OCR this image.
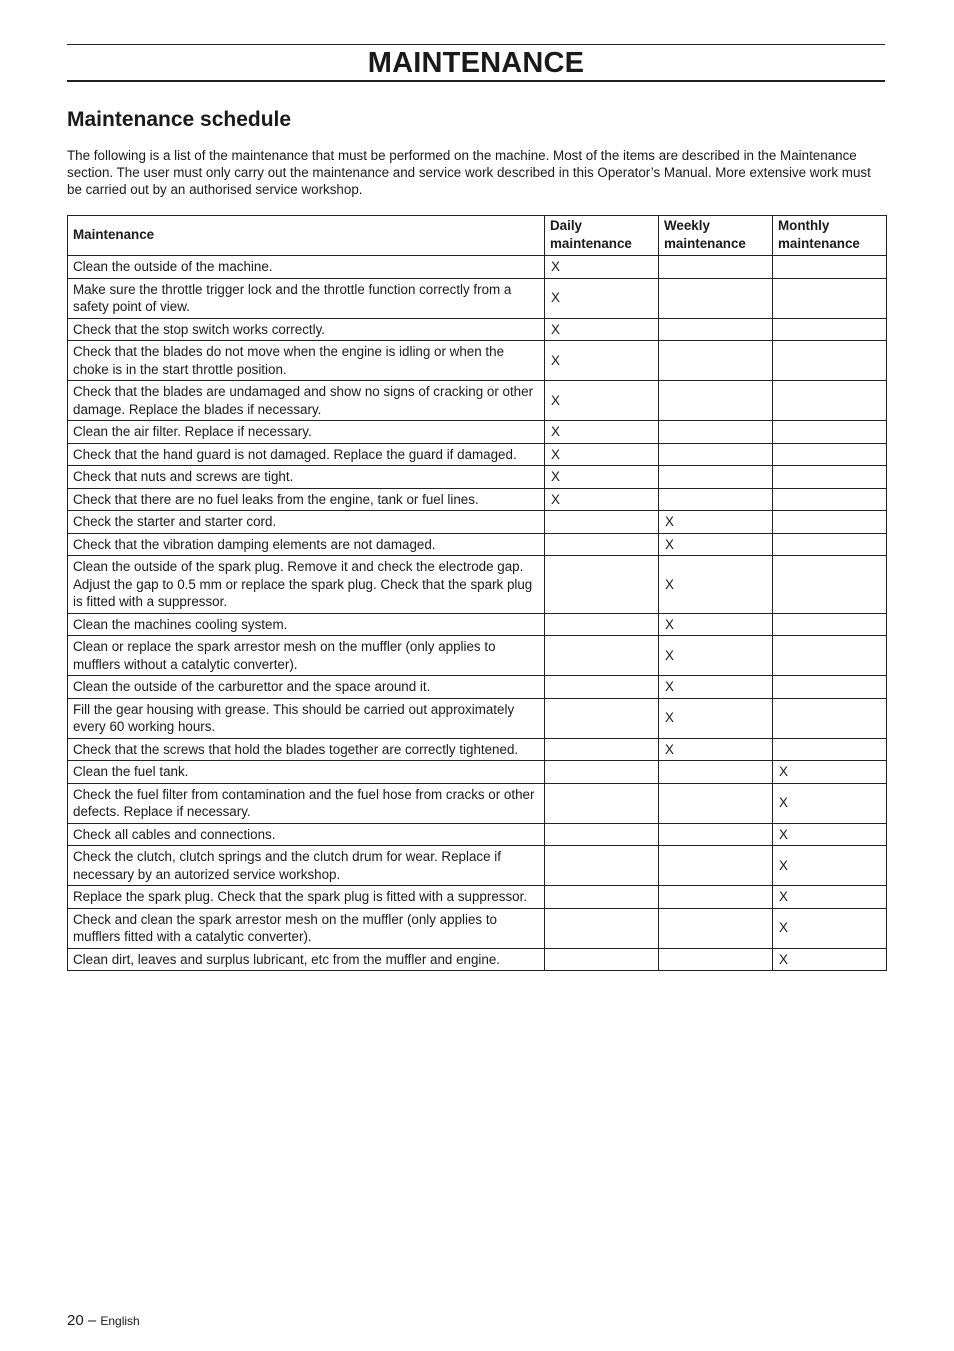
MAINTENANCE
Maintenance schedule

The following is a list of the maintenance that must be performed on the machine. Most of the items are described in the Maintenance section. The user must only carry out the maintenance and service work described in this Operator’s Manual. More extensive work must be carried out by an authorised service workshop.

Maintenance	Daily maintenance	Weekly maintenance	Monthly maintenance
Clean the outside of the machine.	X		
Make sure the throttle trigger lock and the throttle function correctly from a safety point of view.	X		
Check that the stop switch works correctly.	X		
Check that the blades do not move when the engine is idling or when the choke is in the start throttle position.	X		
Check that the blades are undamaged and show no signs of cracking or other damage. Replace the blades if necessary.	X		
Clean the air filter. Replace if necessary.	X		
Check that the hand guard is not damaged. Replace the guard if damaged.	X		
Check that nuts and screws are tight.	X		
Check that there are no fuel leaks from the engine, tank or fuel lines.	X		
Check the starter and starter cord.		X	
Check that the vibration damping elements are not damaged.		X	
Clean the outside of the spark plug. Remove it and check the electrode gap. Adjust the gap to 0.5 mm or replace the spark plug. Check that the spark plug is fitted with a suppressor.		X	
Clean the machines cooling system.		X	
Clean or replace the spark arrestor mesh on the muffler (only applies to mufflers without a catalytic converter).		X	
Clean the outside of the carburettor and the space around it.		X	
Fill the gear housing with grease. This should be carried out approximately every 60 working hours.		X	
Check that the screws that hold the blades together are correctly tightened.		X	
Clean the fuel tank.			X
Check the fuel filter from contamination and the fuel hose from cracks or other defects. Replace if necessary.			X
Check all cables and connections.			X
Check the clutch, clutch springs and the clutch drum for wear. Replace if necessary by an autorized service workshop.			X
Replace the spark plug. Check that the spark plug is fitted with a suppressor.			X
Check and clean the spark arrestor mesh on the muffler (only applies to mufflers fitted with a catalytic converter).			X
Clean dirt, leaves and surplus lubricant, etc from the muffler and engine.			X
20 – English
